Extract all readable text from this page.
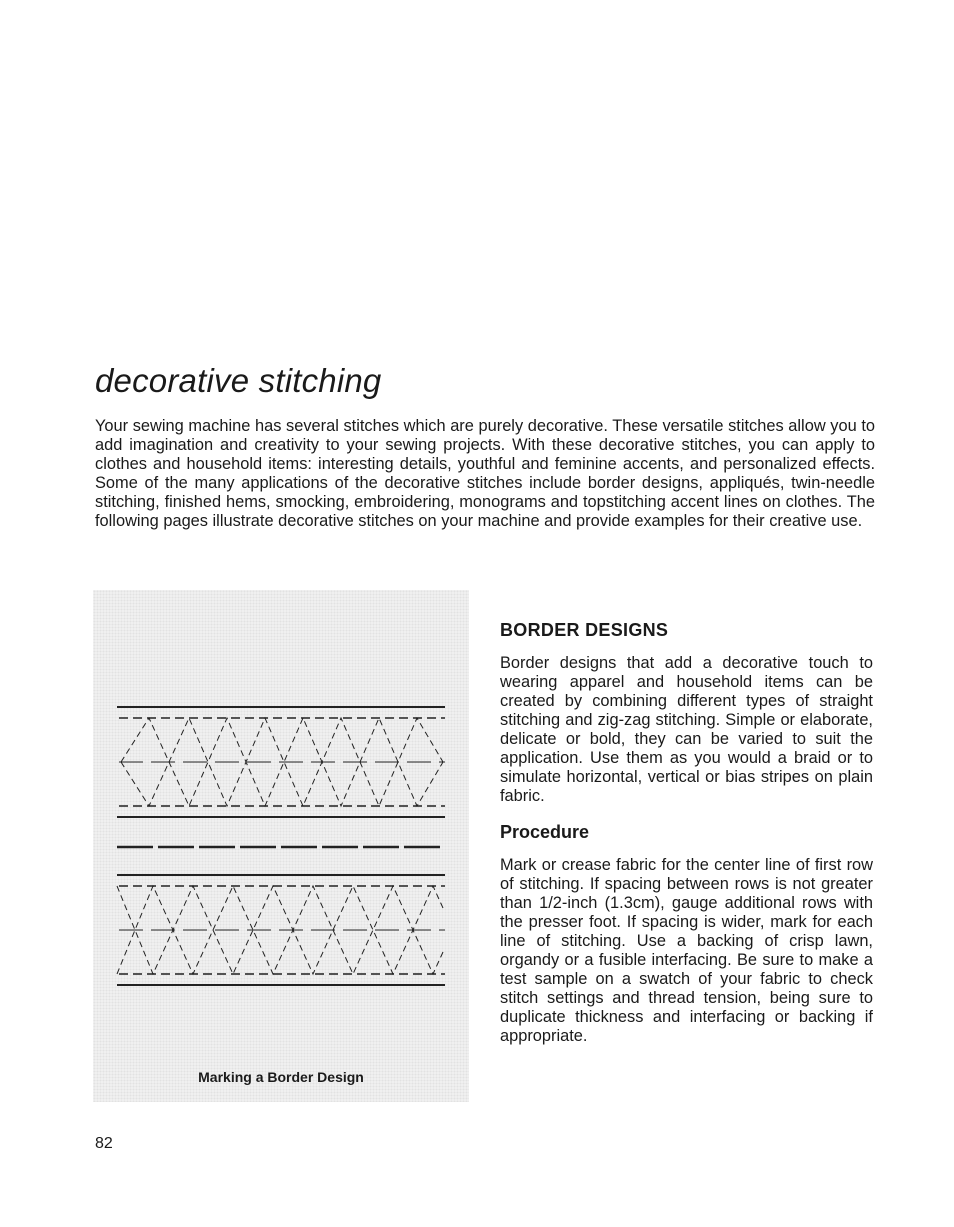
decorative stitching

Your sewing machine has several stitches which are purely decorative. These versatile stitches allow you to add imagination and creativity to your sewing projects. With these decorative stitches, you can apply to clothes and household items: interesting details, youthful and feminine accents, and personalized effects. Some of the many applications of the decorative stitches include border designs, appliqués, twin-needle stitching, finished hems, smocking, embroidering, monograms and topstitching accent lines on clothes. The following pages illustrate decorative stitches on your machine and provide examples for their creative use.

Marking a Border Design
BORDER DESIGNS

Border designs that add a decorative touch to wearing apparel and household items can be created by combining different types of straight stitching and zig-zag stitching. Simple or elaborate, delicate or bold, they can be varied to suit the application. Use them as you would a braid or to simulate horizontal, vertical or bias stripes on plain fabric.

Procedure

Mark or crease fabric for the center line of first row of stitching. If spacing between rows is not greater than 1/2-inch (1.3cm), gauge additional rows with the presser foot. If spacing is wider, mark for each line of stitching. Use a backing of crisp lawn, organdy or a fusible interfacing. Be sure to make a test sample on a swatch of your fabric to check stitch settings and thread tension, being sure to duplicate thickness and interfacing or backing if appropriate.

82
